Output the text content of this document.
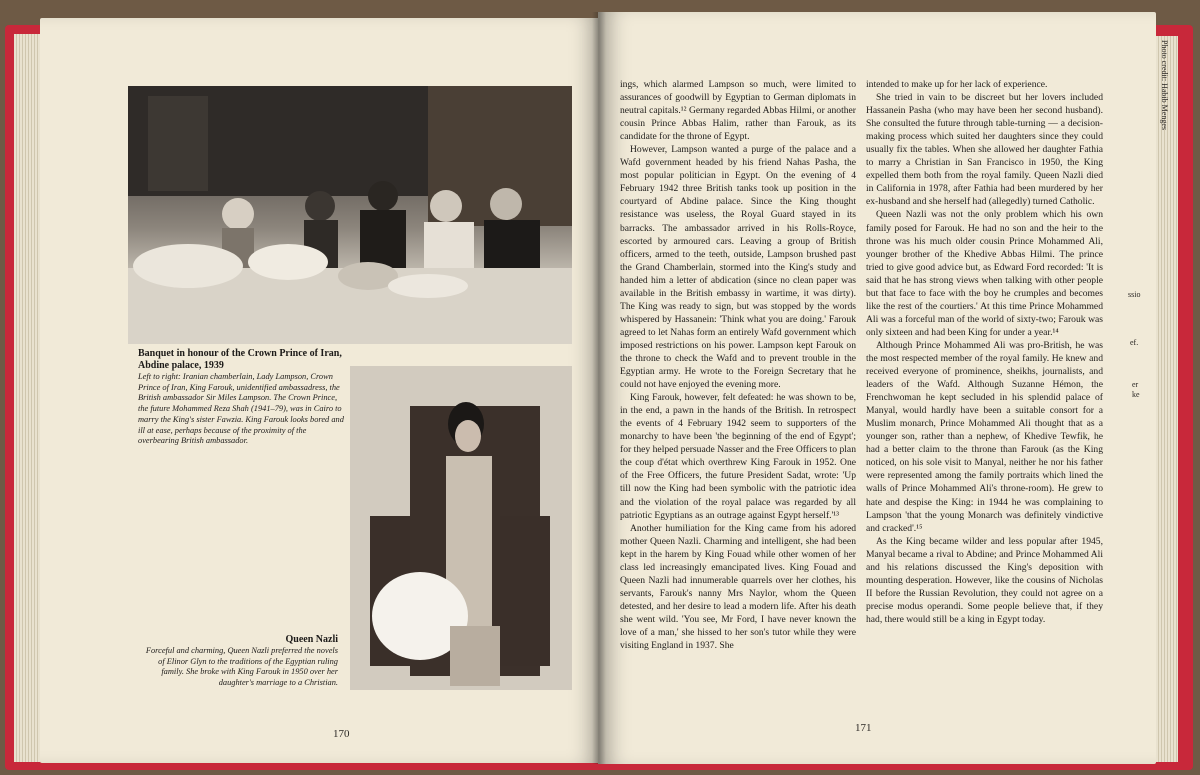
Banquet in honour of the Crown Prince of Iran, Abdine palace, 1939
Left to right: Iranian chamberlain, Lady Lampson, Crown Prince of Iran, King Farouk, unidentified ambassadress, the British ambassador Sir Miles Lampson. The Crown Prince, the future Mohammed Reza Shah (1941–79), was in Cairo to marry the King's sister Fawzia. King Farouk looks bored and ill at ease, perhaps because of the proximity of the overbearing British ambassador.
Queen Nazli
Forceful and charming, Queen Nazli preferred the novels of Elinor Glyn to the traditions of the Egyptian ruling family. She broke with King Farouk in 1950 over her daughter's marriage to a Christian.
170

ings, which alarmed Lampson so much, were limited to assurances of goodwill by Egyptian to German diplomats in neutral capitals.¹² Germany regarded Abbas Hilmi, or another cousin Prince Abbas Halim, rather than Farouk, as its candidate for the throne of Egypt.

However, Lampson wanted a purge of the palace and a Wafd government headed by his friend Nahas Pasha, the most popular politician in Egypt. On the evening of 4 February 1942 three British tanks took up position in the courtyard of Abdine palace. Since the King thought resistance was useless, the Royal Guard stayed in its barracks. The ambassador arrived in his Rolls-Royce, escorted by armoured cars. Leaving a group of British officers, armed to the teeth, outside, Lampson brushed past the Grand Chamberlain, stormed into the King's study and handed him a letter of abdication (since no clean paper was available in the British embassy in wartime, it was dirty). The King was ready to sign, but was stopped by the words whispered by Hassanein: 'Think what you are doing.' Farouk agreed to let Nahas form an entirely Wafd government which imposed restrictions on his power. Lampson kept Farouk on the throne to check the Wafd and to prevent trouble in the Egyptian army. He wrote to the Foreign Secretary that he could not have enjoyed the evening more.

King Farouk, however, felt defeated: he was shown to be, in the end, a pawn in the hands of the British. In retrospect the events of 4 February 1942 seem to supporters of the monarchy to have been 'the beginning of the end of Egypt'; for they helped persuade Nasser and the Free Officers to plan the coup d'état which overthrew King Farouk in 1952. One of the Free Officers, the future President Sadat, wrote: 'Up till now the King had been symbolic with the patriotic idea and the violation of the royal palace was regarded by all patriotic Egyptians as an outrage against Egypt herself.'¹³

Another humiliation for the King came from his adored mother Queen Nazli. Charming and intelligent, she had been kept in the harem by King Fouad while other women of her class led increasingly emancipated lives. King Fouad and Queen Nazli had innumerable quarrels over her clothes, his servants, Farouk's nanny Mrs Naylor, whom the Queen detested, and her desire to lead a modern life. After his death she went wild. 'You see, Mr Ford, I have never known the love of a man,' she hissed to her son's tutor while they were visiting England in 1937. She

intended to make up for her lack of experience.

She tried in vain to be discreet but her lovers included Hassanein Pasha (who may have been her second husband). She consulted the future through table-turning — a decision-making process which suited her daughters since they could usually fix the tables. When she allowed her daughter Fathia to marry a Christian in San Francisco in 1950, the King expelled them both from the royal family. Queen Nazli died in California in 1978, after Fathia had been murdered by her ex-husband and she herself had (allegedly) turned Catholic.

Queen Nazli was not the only problem which his own family posed for Farouk. He had no son and the heir to the throne was his much older cousin Prince Mohammed Ali, younger brother of the Khedive Abbas Hilmi. The prince tried to give good advice but, as Edward Ford recorded: 'It is said that he has strong views when talking with other people but that face to face with the boy he crumples and becomes like the rest of the courtiers.' At this time Prince Mohammed Ali was a forceful man of the world of sixty-two; Farouk was only sixteen and had been King for under a year.¹⁴

Although Prince Mohammed Ali was pro-British, he was the most respected member of the royal family. He knew and received everyone of prominence, sheikhs, journalists, and leaders of the Wafd. Although Suzanne Hémon, the Frenchwoman he kept secluded in his splendid palace of Manyal, would hardly have been a suitable consort for a Muslim monarch, Prince Mohammed Ali thought that as a younger son, rather than a nephew, of Khedive Tewfik, he had a better claim to the throne than Farouk (as the King noticed, on his sole visit to Manyal, neither he nor his father were represented among the family portraits which lined the walls of Prince Mohammed Ali's throne-room). He grew to hate and despise the King: in 1944 he was complaining to Lampson 'that the young Monarch was definitely vindictive and cracked'.¹⁵

As the King became wilder and less popular after 1945, Manyal became a rival to Abdine; and Prince Mohammed Ali and his relations discussed the King's deposition with mounting desperation. However, like the cousins of Nicholas II before the Russian Revolution, they could not agree on a precise modus operandi. Some people believe that, if they had, there would still be a king in Egypt today.

171
Photo credit: Habib Menges
ssio
ef.
er
ke
